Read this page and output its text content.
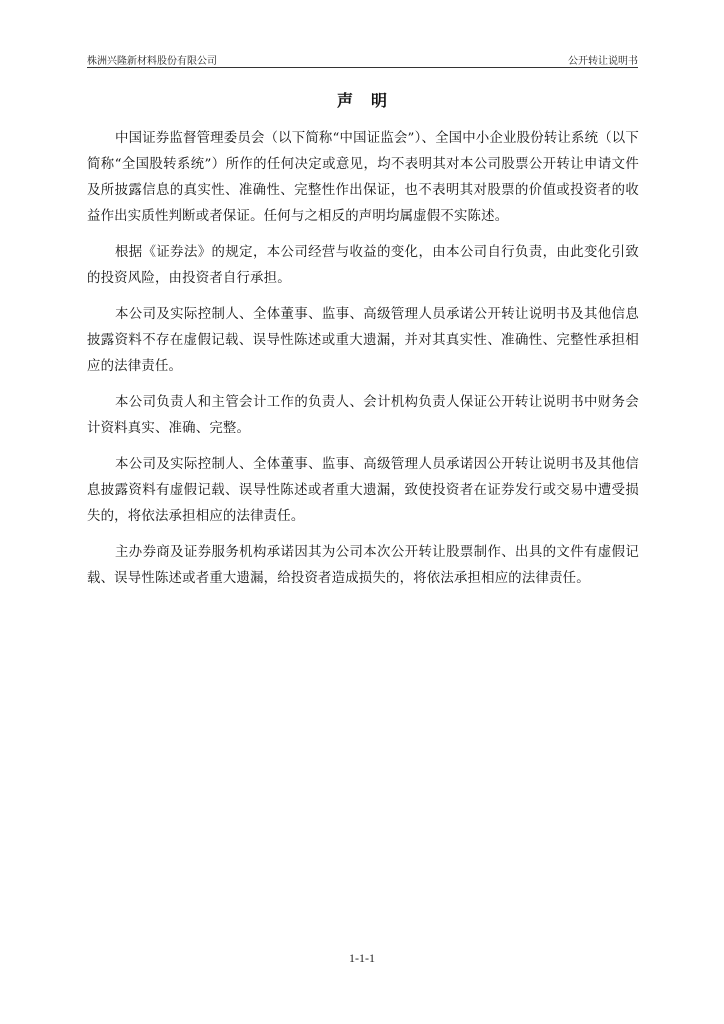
株洲兴隆新材料股份有限公司	公开转让说明书
声明

中国证券监督管理委员会（以下简称“中国证监会”）、全国中小企业股份转让系统（以下简称“全国股转系统”）所作的任何决定或意见，均不表明其对本公司股票公开转让申请文件及所披露信息的真实性、准确性、完整性作出保证，也不表明其对股票的价值或投资者的收益作出实质性判断或者保证。任何与之相反的声明均属虚假不实陈述。

根据《证券法》的规定，本公司经营与收益的变化，由本公司自行负责，由此变化引致的投资风险，由投资者自行承担。

本公司及实际控制人、全体董事、监事、高级管理人员承诺公开转让说明书及其他信息披露资料不存在虚假记载、误导性陈述或重大遗漏，并对其真实性、准确性、完整性承担相应的法律责任。

本公司负责人和主管会计工作的负责人、会计机构负责人保证公开转让说明书中财务会计资料真实、准确、完整。

本公司及实际控制人、全体董事、监事、高级管理人员承诺因公开转让说明书及其他信息披露资料有虚假记载、误导性陈述或者重大遗漏，致使投资者在证券发行或交易中遭受损失的，将依法承担相应的法律责任。

主办券商及证券服务机构承诺因其为公司本次公开转让股票制作、出具的文件有虚假记载、误导性陈述或者重大遗漏，给投资者造成损失的，将依法承担相应的法律责任。

1-1-1
